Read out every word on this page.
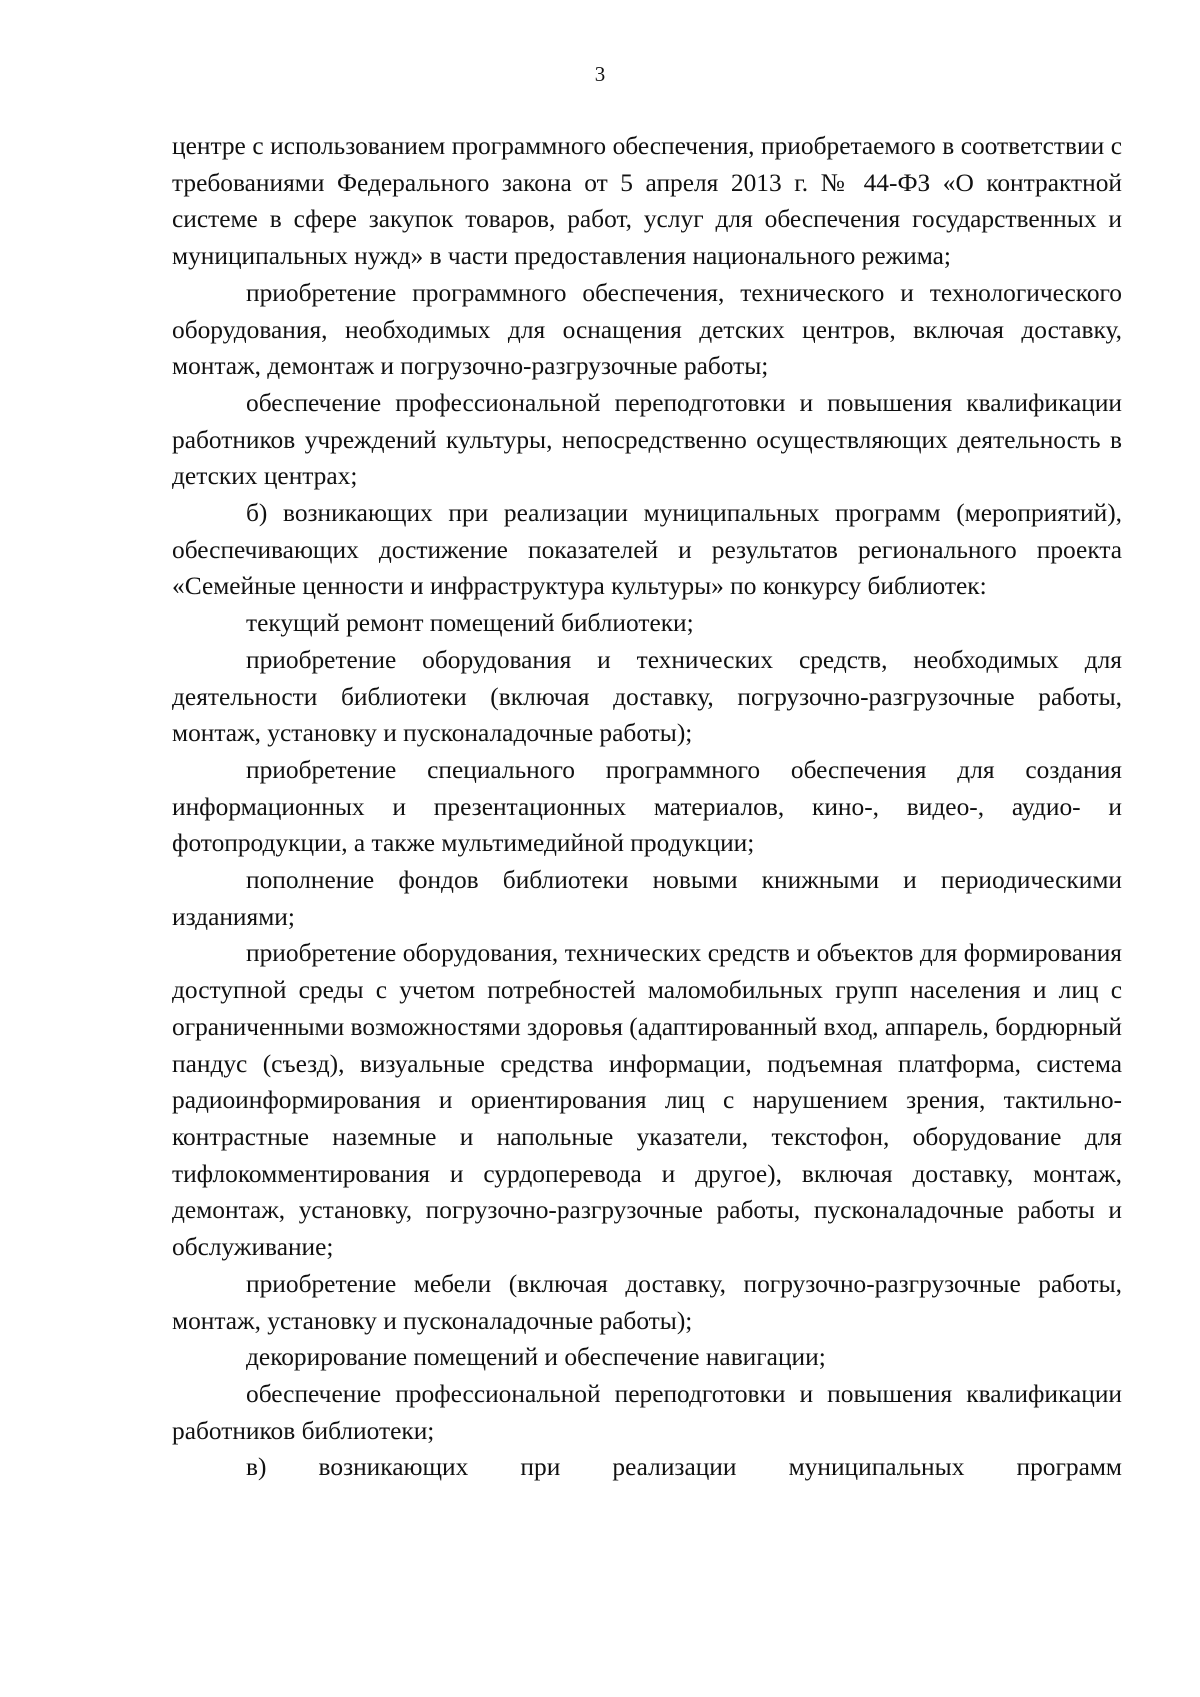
3

центре с использованием программного обеспечения, приобретаемого в соответствии с требованиями Федерального закона от 5 апреля 2013 г. № 44-ФЗ «О контрактной системе в сфере закупок товаров, работ, услуг для обеспечения государственных и муниципальных нужд» в части предоставления национального режима;

приобретение программного обеспечения, технического и технологического оборудования, необходимых для оснащения детских центров, включая доставку, монтаж, демонтаж и погрузочно-разгрузочные работы;

обеспечение профессиональной переподготовки и повышения квалификации работников учреждений культуры, непосредственно осуществляющих деятельность в детских центрах;

б) возникающих при реализации муниципальных программ (мероприятий), обеспечивающих достижение показателей и результатов регионального проекта «Семейные ценности и инфраструктура культуры» по конкурсу библиотек:

текущий ремонт помещений библиотеки;

приобретение оборудования и технических средств, необходимых для деятельности библиотеки (включая доставку, погрузочно-разгрузочные работы, монтаж, установку и пусконаладочные работы);

приобретение специального программного обеспечения для создания информационных и презентационных материалов, кино-, видео-, аудио- и фотопродукции, а также мультимедийной продукции;

пополнение фондов библиотеки новыми книжными и периодическими изданиями;

приобретение оборудования, технических средств и объектов для формирования доступной среды с учетом потребностей маломобильных групп населения и лиц с ограниченными возможностями здоровья (адаптированный вход, аппарель, бордюрный пандус (съезд), визуальные средства информации, подъемная платформа, система радиоинформирования и ориентирования лиц с нарушением зрения, тактильно-контрастные наземные и напольные указатели, текстофон, оборудование для тифлокомментирования и сурдоперевода и другое), включая доставку, монтаж, демонтаж, установку, погрузочно-разгрузочные работы, пусконаладочные работы и обслуживание;

приобретение мебели (включая доставку, погрузочно-разгрузочные работы, монтаж, установку и пусконаладочные работы);

декорирование помещений и обеспечение навигации;

обеспечение профессиональной переподготовки и повышения квалификации работников библиотеки;

в) возникающих при реализации муниципальных программ
